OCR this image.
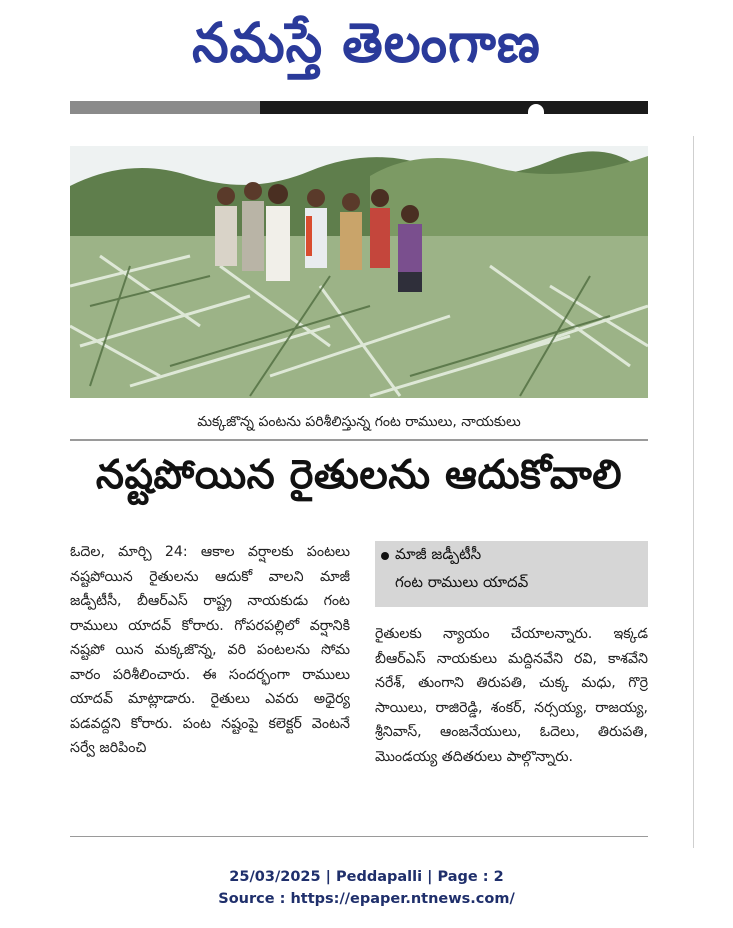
నమస్తే తెలంగాణ
మక్కజొన్న పంటను పరిశీలిస్తున్న గంట రాములు, నాయకులు
నష్టపోయిన రైతులను ఆదుకోవాలి

ఓదెల, మార్చి 24: ఆకాల వర్షాలకు పంటలు నష్టపోయిన రైతులను ఆదుకో వాలని మాజీ జడ్పీటీసీ, బీఆర్ఎస్ రాష్ట్ర నాయకుడు గంట రాములు యాదవ్ కోరారు. గోపరపల్లిలో వర్షానికి నష్టపో యిన మక్కజొన్న, వరి పంటలను సోమ వారం పరిశీలించారు. ఈ సందర్భంగా రాములు యాదవ్ మాట్లాడారు. రైతులు ఎవరు అధైర్య పడవద్దని కోరారు. పంట నష్టంపై కలెక్టర్ వెంటనే సర్వే జరిపించి

మాజీ జడ్పీటీసీ
గంట రాములు యాదవ్

రైతులకు న్యాయం చేయాలన్నారు. ఇక్కడ బీఆర్ఎస్ నాయకులు మద్దినవేని రవి, కాశవేని నరేశ్, తుంగాని తిరుపతి, చుక్క మధు, గొర్రె సాయిలు, రాజిరెడ్డి, శంకర్, నర్సయ్య, రాజయ్య, శ్రీనివాస్, ఆంజనేయులు, ఓదెలు, తిరుపతి, మొండయ్య తదితరులు పాల్గొన్నారు.

25/03/2025 | Peddapalli | Page : 2
Source : https://epaper.ntnews.com/
